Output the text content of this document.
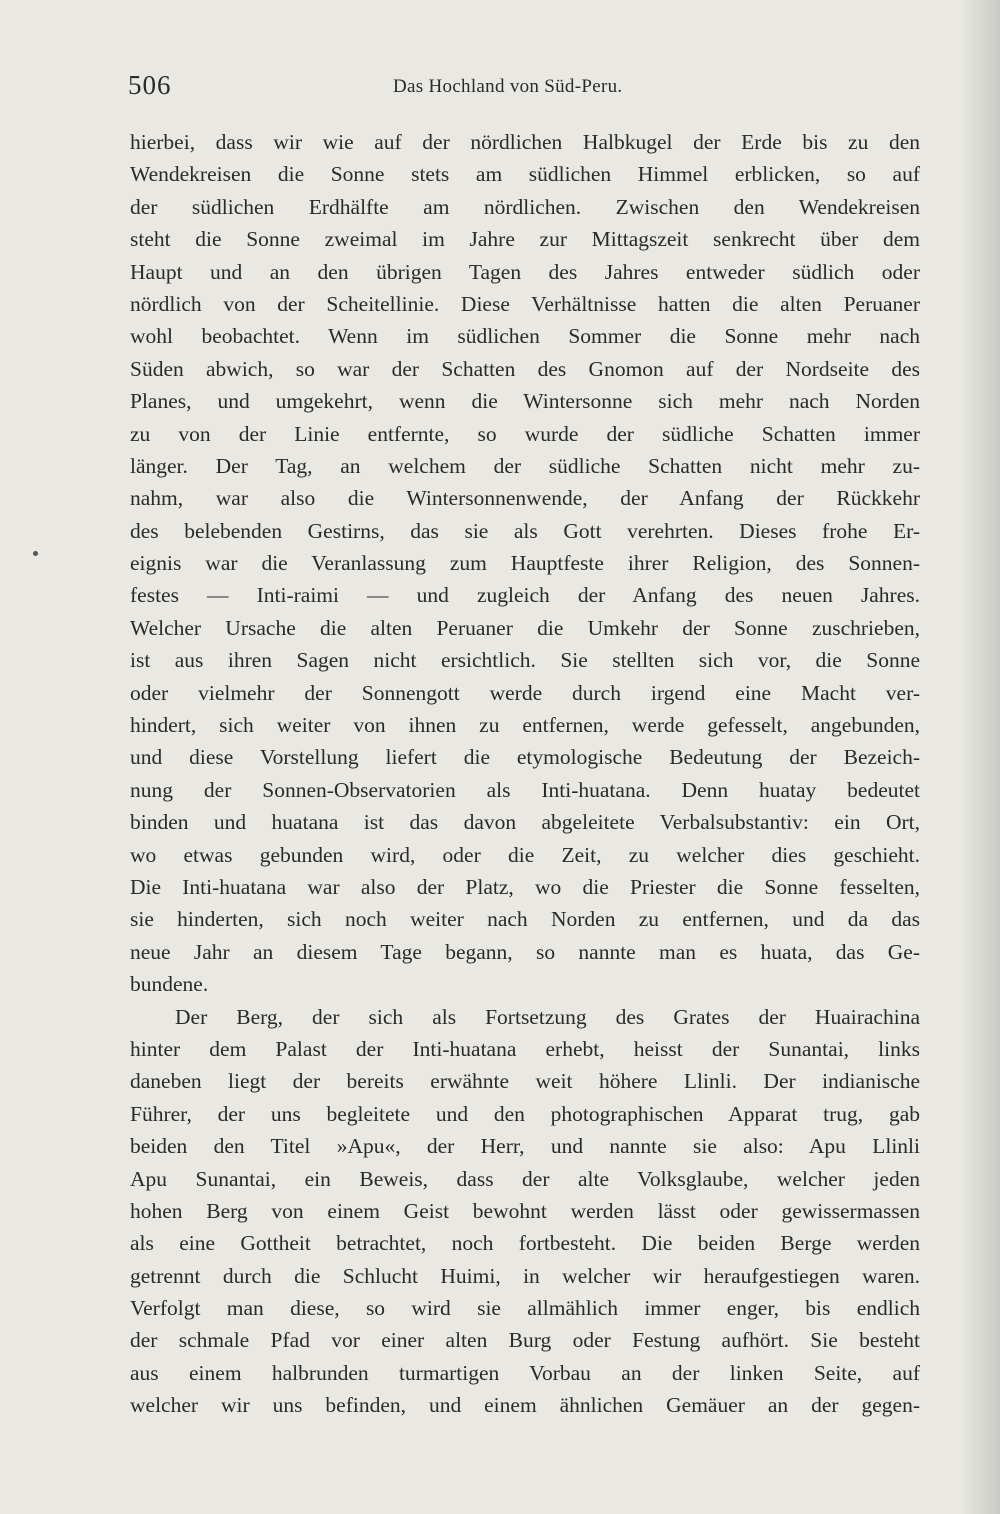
506	Das Hochland von Süd-Peru.
hierbei, dass wir wie auf der nördlichen Halbkugel der Erde bis zu den
Wendekreisen die Sonne stets am südlichen Himmel erblicken, so auf
der südlichen Erdhälfte am nördlichen. Zwischen den Wendekreisen
steht die Sonne zweimal im Jahre zur Mittagszeit senkrecht über dem
Haupt und an den übrigen Tagen des Jahres entweder südlich oder
nördlich von der Scheitellinie. Diese Verhältnisse hatten die alten Peruaner
wohl beobachtet. Wenn im südlichen Sommer die Sonne mehr nach
Süden abwich, so war der Schatten des Gnomon auf der Nordseite des
Planes, und umgekehrt, wenn die Wintersonne sich mehr nach Norden
zu von der Linie entfernte, so wurde der südliche Schatten immer
länger. Der Tag, an welchem der südliche Schatten nicht mehr zu-
nahm, war also die Wintersonnenwende, der Anfang der Rückkehr
des belebenden Gestirns, das sie als Gott verehrten. Dieses frohe Er-
eignis war die Veranlassung zum Hauptfeste ihrer Religion, des Sonnen-
festes — Inti-raimi — und zugleich der Anfang des neuen Jahres.
Welcher Ursache die alten Peruaner die Umkehr der Sonne zuschrieben,
ist aus ihren Sagen nicht ersichtlich. Sie stellten sich vor, die Sonne
oder vielmehr der Sonnengott werde durch irgend eine Macht ver-
hindert, sich weiter von ihnen zu entfernen, werde gefesselt, angebunden,
und diese Vorstellung liefert die etymologische Bedeutung der Bezeich-
nung der Sonnen-Observatorien als Inti-huatana. Denn huatay bedeutet
binden und huatana ist das davon abgeleitete Verbalsubstantiv: ein Ort,
wo etwas gebunden wird, oder die Zeit, zu welcher dies geschieht.
Die Inti-huatana war also der Platz, wo die Priester die Sonne fesselten,
sie hinderten, sich noch weiter nach Norden zu entfernen, und da das
neue Jahr an diesem Tage begann, so nannte man es huata, das Ge-
bundene.
Der Berg, der sich als Fortsetzung des Grates der Huairachina
hinter dem Palast der Inti-huatana erhebt, heisst der Sunantai, links
daneben liegt der bereits erwähnte weit höhere Llinli. Der indianische
Führer, der uns begleitete und den photographischen Apparat trug, gab
beiden den Titel »Apu«, der Herr, und nannte sie also: Apu Llinli
Apu Sunantai, ein Beweis, dass der alte Volksglaube, welcher jeden
hohen Berg von einem Geist bewohnt werden lässt oder gewissermassen
als eine Gottheit betrachtet, noch fortbesteht. Die beiden Berge werden
getrennt durch die Schlucht Huimi, in welcher wir heraufgestiegen waren.
Verfolgt man diese, so wird sie allmählich immer enger, bis endlich
der schmale Pfad vor einer alten Burg oder Festung aufhört. Sie besteht
aus einem halbrunden turmartigen Vorbau an der linken Seite, auf
welcher wir uns befinden, und einem ähnlichen Gemäuer an der gegen-
